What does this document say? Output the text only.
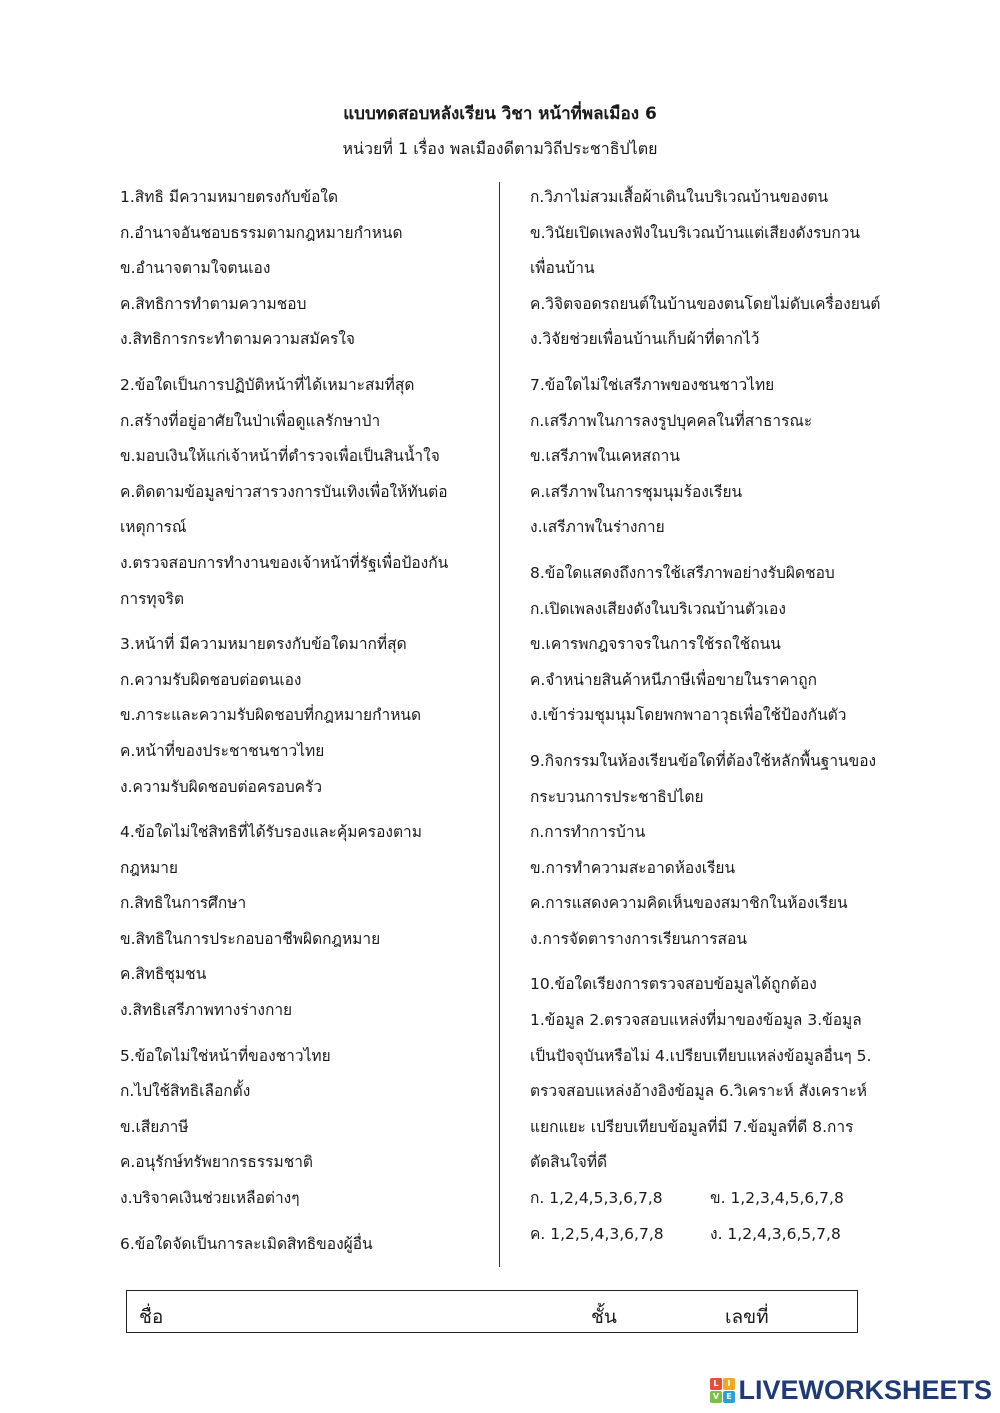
แบบทดสอบหลังเรียน วิชา หน้าที่พลเมือง 6
หน่วยที่ 1 เรื่อง พลเมืองดีตามวิถีประชาธิปไตย
1.สิทธิ มีความหมายตรงกับข้อใด
ก.อำนาจอันชอบธรรมตามกฎหมายกำหนด
ข.อำนาจตามใจตนเอง
ค.สิทธิการทำตามความชอบ
ง.สิทธิการกระทำตามความสมัครใจ
2.ข้อใดเป็นการปฏิบัติหน้าที่ได้เหมาะสมที่สุด
ก.สร้างที่อยู่อาศัยในป่าเพื่อดูแลรักษาป่า
ข.มอบเงินให้แก่เจ้าหน้าที่ตำรวจเพื่อเป็นสินน้ำใจ
ค.ติดตามข้อมูลข่าวสารวงการบันเทิงเพื่อให้ทันต่อ
เหตุการณ์
ง.ตรวจสอบการทำงานของเจ้าหน้าที่รัฐเพื่อป้องกัน
การทุจริต
3.หน้าที่ มีความหมายตรงกับข้อใดมากที่สุด
ก.ความรับผิดชอบต่อตนเอง
ข.ภาระและความรับผิดชอบที่กฎหมายกำหนด
ค.หน้าที่ของประชาชนชาวไทย
ง.ความรับผิดชอบต่อครอบครัว
4.ข้อใดไม่ใช่สิทธิที่ได้รับรองและคุ้มครองตาม
กฎหมาย
ก.สิทธิในการศึกษา
ข.สิทธิในการประกอบอาชีพผิดกฎหมาย
ค.สิทธิชุมชน
ง.สิทธิเสรีภาพทางร่างกาย
5.ข้อใดไม่ใช่หน้าที่ของชาวไทย
ก.ไปใช้สิทธิเลือกตั้ง
ข.เสียภาษี
ค.อนุรักษ์ทรัพยากรธรรมชาติ
ง.บริจาคเงินช่วยเหลือต่างๆ
6.ข้อใดจัดเป็นการละเมิดสิทธิของผู้อื่น
ก.วิภาไม่สวมเสื้อผ้าเดินในบริเวณบ้านของตน
ข.วินัยเปิดเพลงฟังในบริเวณบ้านแต่เสียงดังรบกวน
เพื่อนบ้าน
ค.วิจิตจอดรถยนต์ในบ้านของตนโดยไม่ดับเครื่องยนต์
ง.วิจัยช่วยเพื่อนบ้านเก็บผ้าที่ตากไว้
7.ข้อใดไม่ใช่เสรีภาพของชนชาวไทย
ก.เสรีภาพในการลงรูปบุคคลในที่สาธารณะ
ข.เสรีภาพในเคหสถาน
ค.เสรีภาพในการชุมนุมร้องเรียน
ง.เสรีภาพในร่างกาย
8.ข้อใดแสดงถึงการใช้เสรีภาพอย่างรับผิดชอบ
ก.เปิดเพลงเสียงดังในบริเวณบ้านตัวเอง
ข.เคารพกฎจราจรในการใช้รถใช้ถนน
ค.จำหน่ายสินค้าหนีภาษีเพื่อขายในราคาถูก
ง.เข้าร่วมชุมนุมโดยพกพาอาวุธเพื่อใช้ป้องกันตัว
9.กิจกรรมในห้องเรียนข้อใดที่ต้องใช้หลักพื้นฐานของ
กระบวนการประชาธิปไตย
ก.การทำการบ้าน
ข.การทำความสะอาดห้องเรียน
ค.การแสดงความคิดเห็นของสมาชิกในห้องเรียน
ง.การจัดตารางการเรียนการสอน
10.ข้อใดเรียงการตรวจสอบข้อมูลได้ถูกต้อง
1.ข้อมูล 2.ตรวจสอบแหล่งที่มาของข้อมูล 3.ข้อมูล
เป็นปัจจุบันหรือไม่ 4.เปรียบเทียบแหล่งข้อมูลอื่นๆ 5.
ตรวจสอบแหล่งอ้างอิงข้อมูล 6.วิเคราะห์ สังเคราะห์
แยกแยะ เปรียบเทียบข้อมูลที่มี 7.ข้อมูลที่ดี 8.การ
ตัดสินใจที่ดี
ก. 1,2,4,5,3,6,7,8	ข. 1,2,3,4,5,6,7,8
ค. 1,2,5,4,3,6,7,8	ง. 1,2,4,3,6,5,7,8
ชื่อ	ชั้น	เลขที่
L	I
V E LIVEWORKSHEETS
